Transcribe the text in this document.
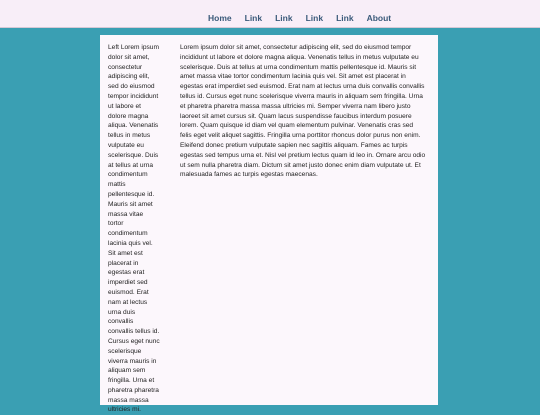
Home Link Link Link Link About
Left Lorem ipsum dolor sit amet, consectetur adipiscing elit, sed do eiusmod tempor incididunt ut labore et dolore magna aliqua. Venenatis tellus in metus vulputate eu scelerisque. Duis at tellus at urna condimentum mattis pellentesque id. Mauris sit amet massa vitae tortor condimentum lacinia quis vel. Sit amet est placerat in egestas erat imperdiet sed euismod. Erat nam at lectus urna duis convallis convallis tellus id. Cursus eget nunc scelerisque viverra mauris in aliquam sem fringilla. Urna et pharetra pharetra massa massa ultricies mi.
Lorem ipsum dolor sit amet, consectetur adipiscing elit, sed do eiusmod tempor incididunt ut labore et dolore magna aliqua. Venenatis tellus in metus vulputate eu scelerisque. Duis at tellus at urna condimentum mattis pellentesque id. Mauris sit amet massa vitae tortor condimentum lacinia quis vel. Sit amet est placerat in egestas erat imperdiet sed euismod. Erat nam at lectus urna duis convallis convallis tellus id. Cursus eget nunc scelerisque viverra mauris in aliquam sem fringilla. Urna et pharetra pharetra massa massa ultricies mi. Semper viverra nam libero justo laoreet sit amet cursus sit. Quam lacus suspendisse faucibus interdum posuere lorem. Quam quisque id diam vel quam elementum pulvinar. Venenatis cras sed felis eget velit aliquet sagittis. Fringilla urna porttitor rhoncus dolor purus non enim. Eleifend donec pretium vulputate sapien nec sagittis aliquam. Fames ac turpis egestas sed tempus urna et. Nisl vel pretium lectus quam id leo in. Ornare arcu odio ut sem nulla pharetra diam. Dictum sit amet justo donec enim diam vulputate ut. Et malesuada fames ac turpis egestas maecenas.
